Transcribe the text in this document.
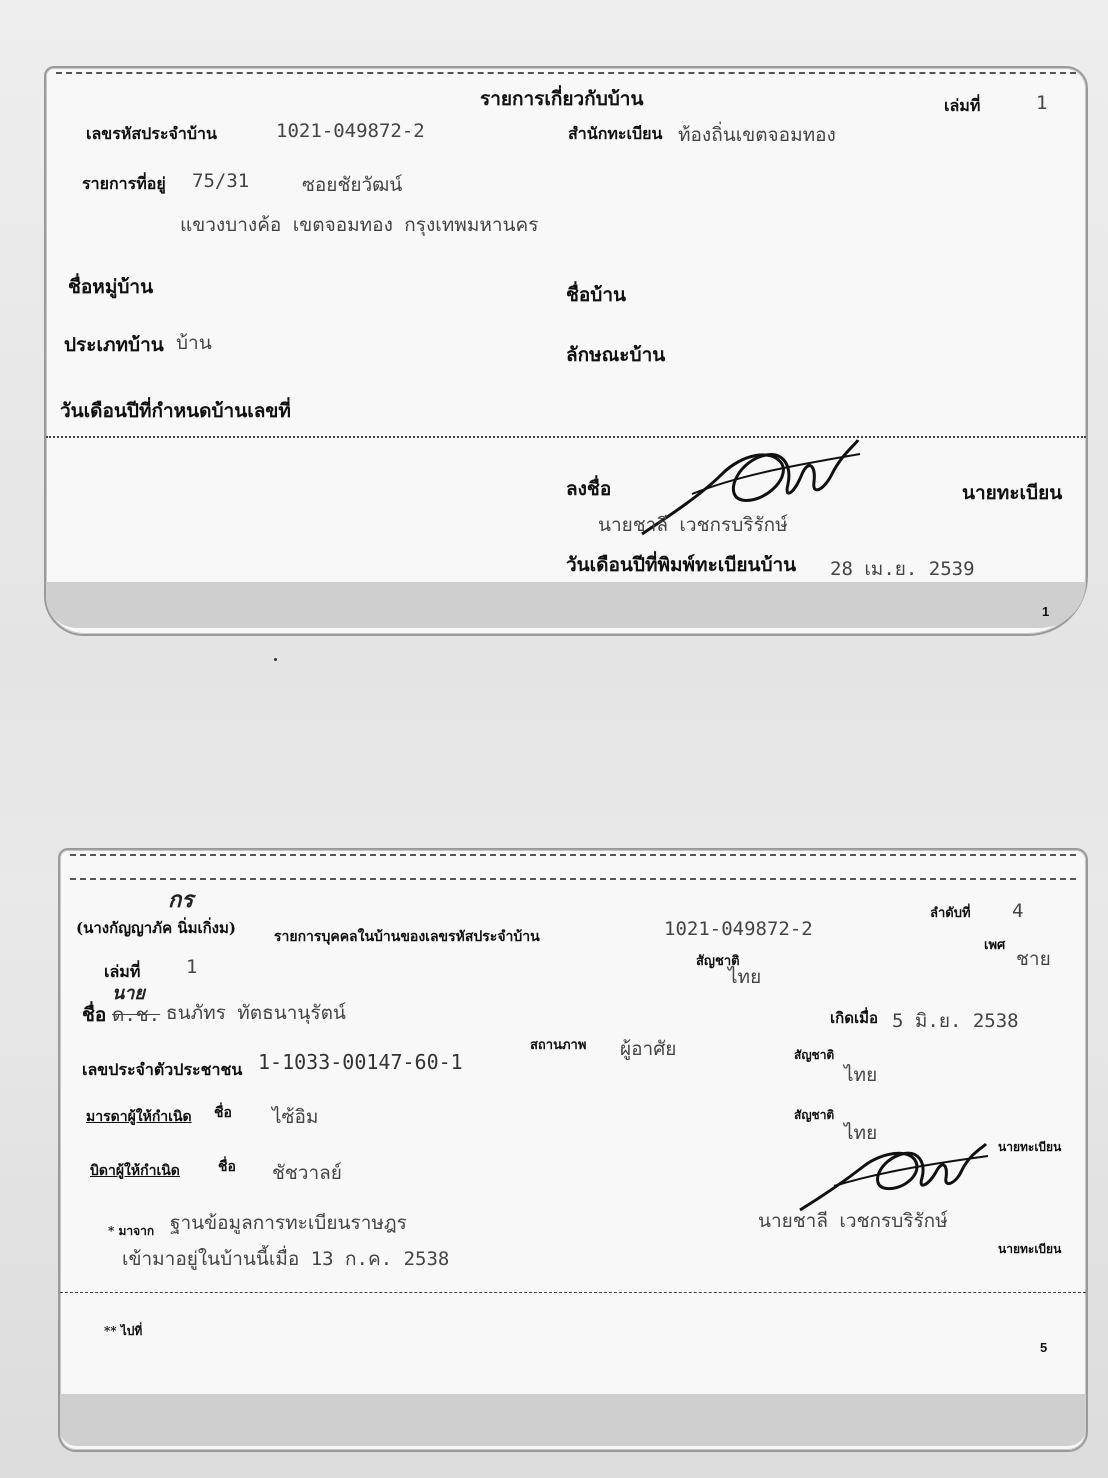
รายการเกี่ยวกับบ้าน	เล่มที่	1
เลขรหัสประจำบ้าน	1021-049872-2	สำนักทะเบียน ท้องถิ่นเขตจอมทอง
รายการที่อยู่ 75/31	ซอยชัยวัฒน์
แขวงบางค้อ เขตจอมทอง กรุงเทพมหานคร
ชื่อหมู่บ้าน	ชื่อบ้าน
ประเภทบ้าน บ้าน
ลักษณะบ้าน
วันเดือนปีที่กำหนดบ้านเลขที่
ลงชื่อ	นายทะเบียน
นายชาลี เวชกรบริรักษ์
วันเดือนปีที่พิมพ์ทะเบียนบ้าน 28 เม.ย. 2539
1
กร
(นางกัญญาภัค นิ่มเกิ่งม)
ลำดับที่ 4
รายการบุคคลในบ้านของเลขรหัสประจำบ้าน	1021-049872-2
เล่มที่ 1	สัญชาติ
ไทย
เพศ
ชาย
นาย
ชื่อ ด.ช. ธนภัทร ทัตธนานุรัตน์	เกิดเมื่อ 5 มิ.ย. 2538
สถานภาพ ผู้อาศัย
เลขประจำตัวประชาชน 1-1033-00147-60-1	สัญชาติ
ไทย
มารดาผู้ให้กำเนิด ชื่อ ไซ้อิม	สัญชาติ
ไทย
นายทะเบียน
บิดาผู้ให้กำเนิด	ชื่อ ชัชวาลย์
* มาจาก ฐานข้อมูลการทะเบียนราษฎร	นายชาลี เวชกรบริรักษ์
เข้ามาอยู่ในบ้านนี้เมื่อ 13 ก.ค. 2538	นายทะเบียน
** ไปที่
5
